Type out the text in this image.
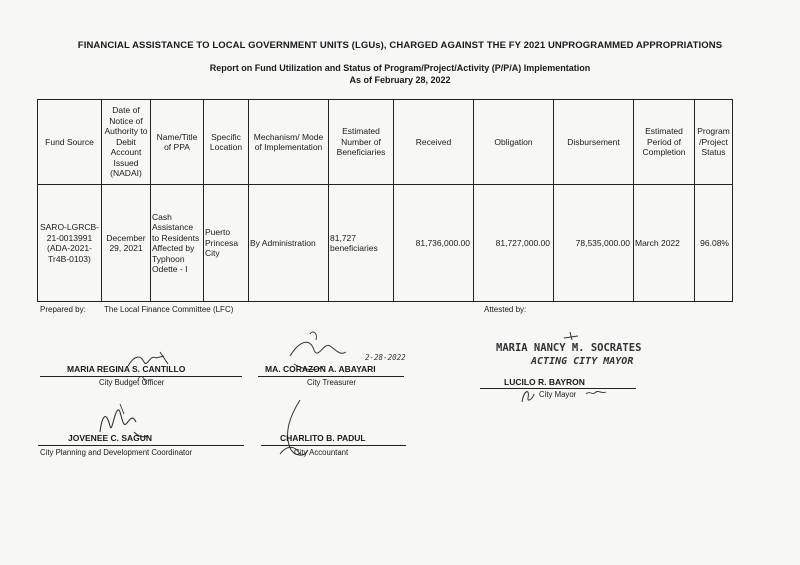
FINANCIAL ASSISTANCE TO LOCAL GOVERNMENT UNITS (LGUs), CHARGED AGAINST THE FY 2021 UNPROGRAMMED APPROPRIATIONS
Report on Fund Utilization and Status of Program/Project/Activity (P/P/A) Implementation
As of February 28, 2022
Fund Source	Date of Notice of Authority to Debit Account Issued (NADAI)	Name/Title of PPA	Specific Location	Mechanism/ Mode of Implementation	Estimated Number of Beneficiaries	Received	Obligation	Disbursement	Estimated Period of Completion	Program /Project Status
SARO-LGRCB-21-0013991 (ADA-2021-Tr4B-0103)	December 29, 2021	Cash Assistance to Residents Affected by Typhoon Odette - I	Puerto Princesa City	By Administration	81,727 beneficiaries	81,736,000.00	81,727,000.00	78,535,000.00	March 2022	96.08%
Prepared by: The Local Finance Committee (LFC)	Attested by:
MARIA REGINA S. CANTILLO
City Budget Officer
JOVENEE C. SAGUN
City Planning and Development Coordinator
2-28-2022
MA. CORAZON A. ABAYARI
City Treasurer
CHARLITO B. PADUL
City Accountant
MARIA NANCY M. SOCRATES
ACTING CITY MAYOR
LUCILO R. BAYRON
City Mayor
